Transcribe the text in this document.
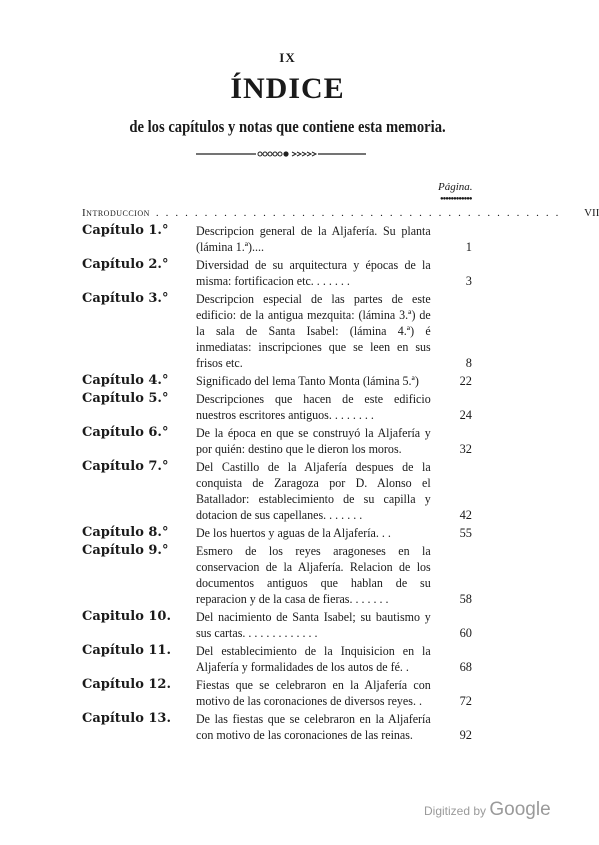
IX
ÍNDICE
de los capítulos y notas que contiene esta memoria.
Página.
●●●●●●●●●●●●
Introduccion ..........................................	VII
Capítulo 1.°	Descripcion general de la Aljafería. Su planta (lámina 1.ª)....	1
Capítulo 2.°	Diversidad de su arquitectura y épocas de la misma: fortificacion etc. . . . . . .	3
Capítulo 3.°	Descripcion especial de las partes de este edificio: de la antigua mezquita: (lámina 3.ª) de la sala de Santa Isabel: (lámina 4.ª) é inmediatas: inscripciones que se leen en sus frisos etc.	8
Capítulo 4.°	Significado del lema Tanto Monta (lámina 5.ª)	22
Capítulo 5.°	Descripciones que hacen de este edificio nuestros escritores antiguos. . . . . . . .	24
Capítulo 6.°	De la época en que se construyó la Aljafería y por quién: destino que le dieron los moros.	32
Capítulo 7.°	Del Castillo de la Aljafería despues de la conquista de Zaragoza por D. Alonso el Batallador: establecimiento de su capilla y dotacion de sus capellanes. . . . . . .	42
Capítulo 8.°	De los huertos y aguas de la Aljafería. . .	55
Capítulo 9.°	Esmero de los reyes aragoneses en la conservacion de la Aljafería. Relacion de los documentos antiguos que hablan de su reparacion y de la casa de fieras. . . . . . .	58
Capitulo 10.	Del nacimiento de Santa Isabel; su bautismo y sus cartas. . . . . . . . . . . . .	60
Capítulo 11.	Del establecimiento de la Inquisicion en la Aljafería y formalidades de los autos de fé. .	68
Capítulo 12.	Fiestas que se celebraron en la Aljafería con motivo de las coronaciones de diversos reyes. .	72
Capítulo 13.	De las fiestas que se celebraron en la Aljafería con motivo de las coronaciones de las reinas.	92
Digitized by Google
